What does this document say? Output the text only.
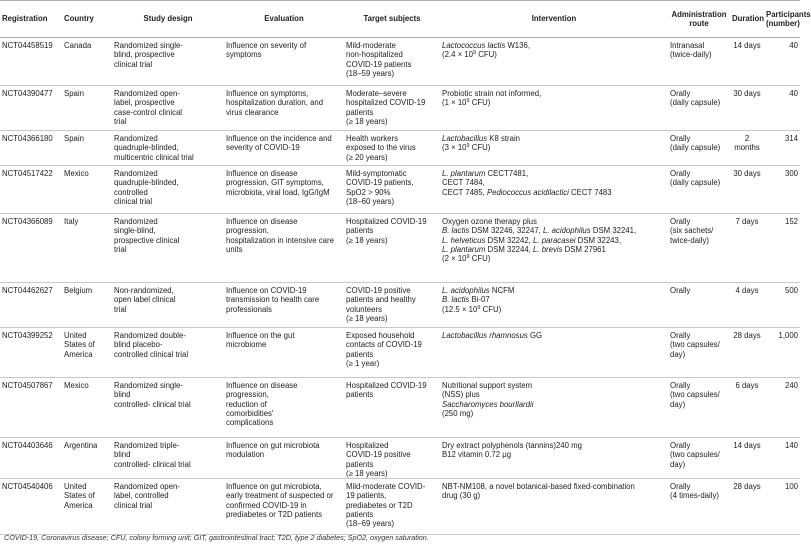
Registration	Country	Study design	Evaluation	Target subjects	Intervention	Administration route	Duration	Participants (number)
NCT04458519	Canada	Randomized single-
blind, prospective
clinical trial	Influence on severity of
symptoms	Mild-moderate
non-hospitalized
COVID-19 patients
(18–59 years)	Lactococcus lactis W136,
($2.4 \times 10^9$ CFU)	Intranasal
(twice-daily)	14 days	40
NCT04390477	Spain	Randomized open-
label, prospective
case-control clinical
trial	Influence on symptoms,
hospitalization duration, and
virus clearance	Moderate–severe
hospitalized COVID-19
patients
(≥ 18 years)	Probiotic strain not informed,
($1 \times 10^9$ CFU)	Orally
(daily capsule)	30 days	40
NCT04366180	Spain	Randomized
quadruple-blinded,
multicentric clinical trial	Influence on the incidence and
severity of COVID-19	Health workers
exposed to the virus
(≥ 20 years)	Lactobacillus K8 strain
($3 \times 10^9$ CFU)	Orally
(daily capsule)	2 months	314
NCT04517422	Mexico	Randomized
quadruple-blinded,
controlled
clinical trial	Influence on disease
progression, GIT symptoms,
microbiota, viral load, IgG/IgM	Mild-symptomatic
COVID-19 patients,
SpO2 > 90%
(18–60 years)	L. plantarum CECT7481,
CECT 7484,
CECT 7485, Pediococcus acidilactici CECT 7483	Orally
(daily capsule)	30 days	300
NCT04366089	Italy	Randomized
single-blind,
prospective clinical
trial	Influence on disease
progression,
hospitalization in intensive care
units	Hospitalized COVID-19
patients
(≥ 18 years)	Oxygen ozone therapy plus
B. lactis DSM 32246, 32247, L. acidophilus DSM 32241,
L. helveticus DSM 32242, L. paracasei DSM 32243,
L. plantarum DSM 32244, L. brevis DSM 27961
($2 \times 10^9$ CFU)	Orally
(six sachets/
twice-daily)	7 days	152
NCT04462627	Belgium	Non-randomized,
open label clinical
trial	Influence on COVID-19
transmission to health care
professionals	COVID-19 positive
patients and healthy
volunteers
(≥ 18 years)	L. acidophilus NCFM
B. lactis Bi-07
($12.5 \times 10^9$ CFU)	Orally	4 days	500
NCT04399252	United
States of
America	Randomized double-
blind placebo-
controlled clinical trial	Influence on the gut
microbiome	Exposed household
contacts of COVID-19
patients
(≥ 1 year)	Lactobacillus rhamnosus GG	Orally
(two capsules/
day)	28 days	1,000
NCT04507867	Mexico	Randomized single-
blind
controlled- clinical trial	Influence on disease
progression,
reduction of
comorbidities'
complications	Hospitalized COVID-19
patients	Nutritional support system
(NSS) plus
Saccharomyces bourllardii
(250 mg)	Orally
(two capsules/
day)	6 days	240
NCT04403646	Argentina	Randomized triple-
blind
controlled- clinical trial	Influence on gut microbiota
modulation	Hospitalized
COVID-19 positive
patients
(≥ 18 years)	Dry extract polyphenols (tannins)240 mg
B12 vitamin 0.72 μg	Orally
(two capsules/
day)	14 days	140
NCT04540406	United
States of
America	Randomized open-
label, controlled
clinical trial	Influence on gut microbiota,
early treatment of suspected or
confirmed COVID-19 in
prediabetes or T2D patients	Mild-moderate COVID-
19 patients,
prediabetes or T2D
patients
(18–69 years)	NBT-NM108, a novel botanical-based fixed-combination
drug (30 g)	Orally
(4 times-daily)	28 days	100
COVID-19, Coronavirus disease; CFU, colony forming unit; GIT, gastrointestinal tract; T2D, type 2 diabetes; SpO2, oxygen saturation.
